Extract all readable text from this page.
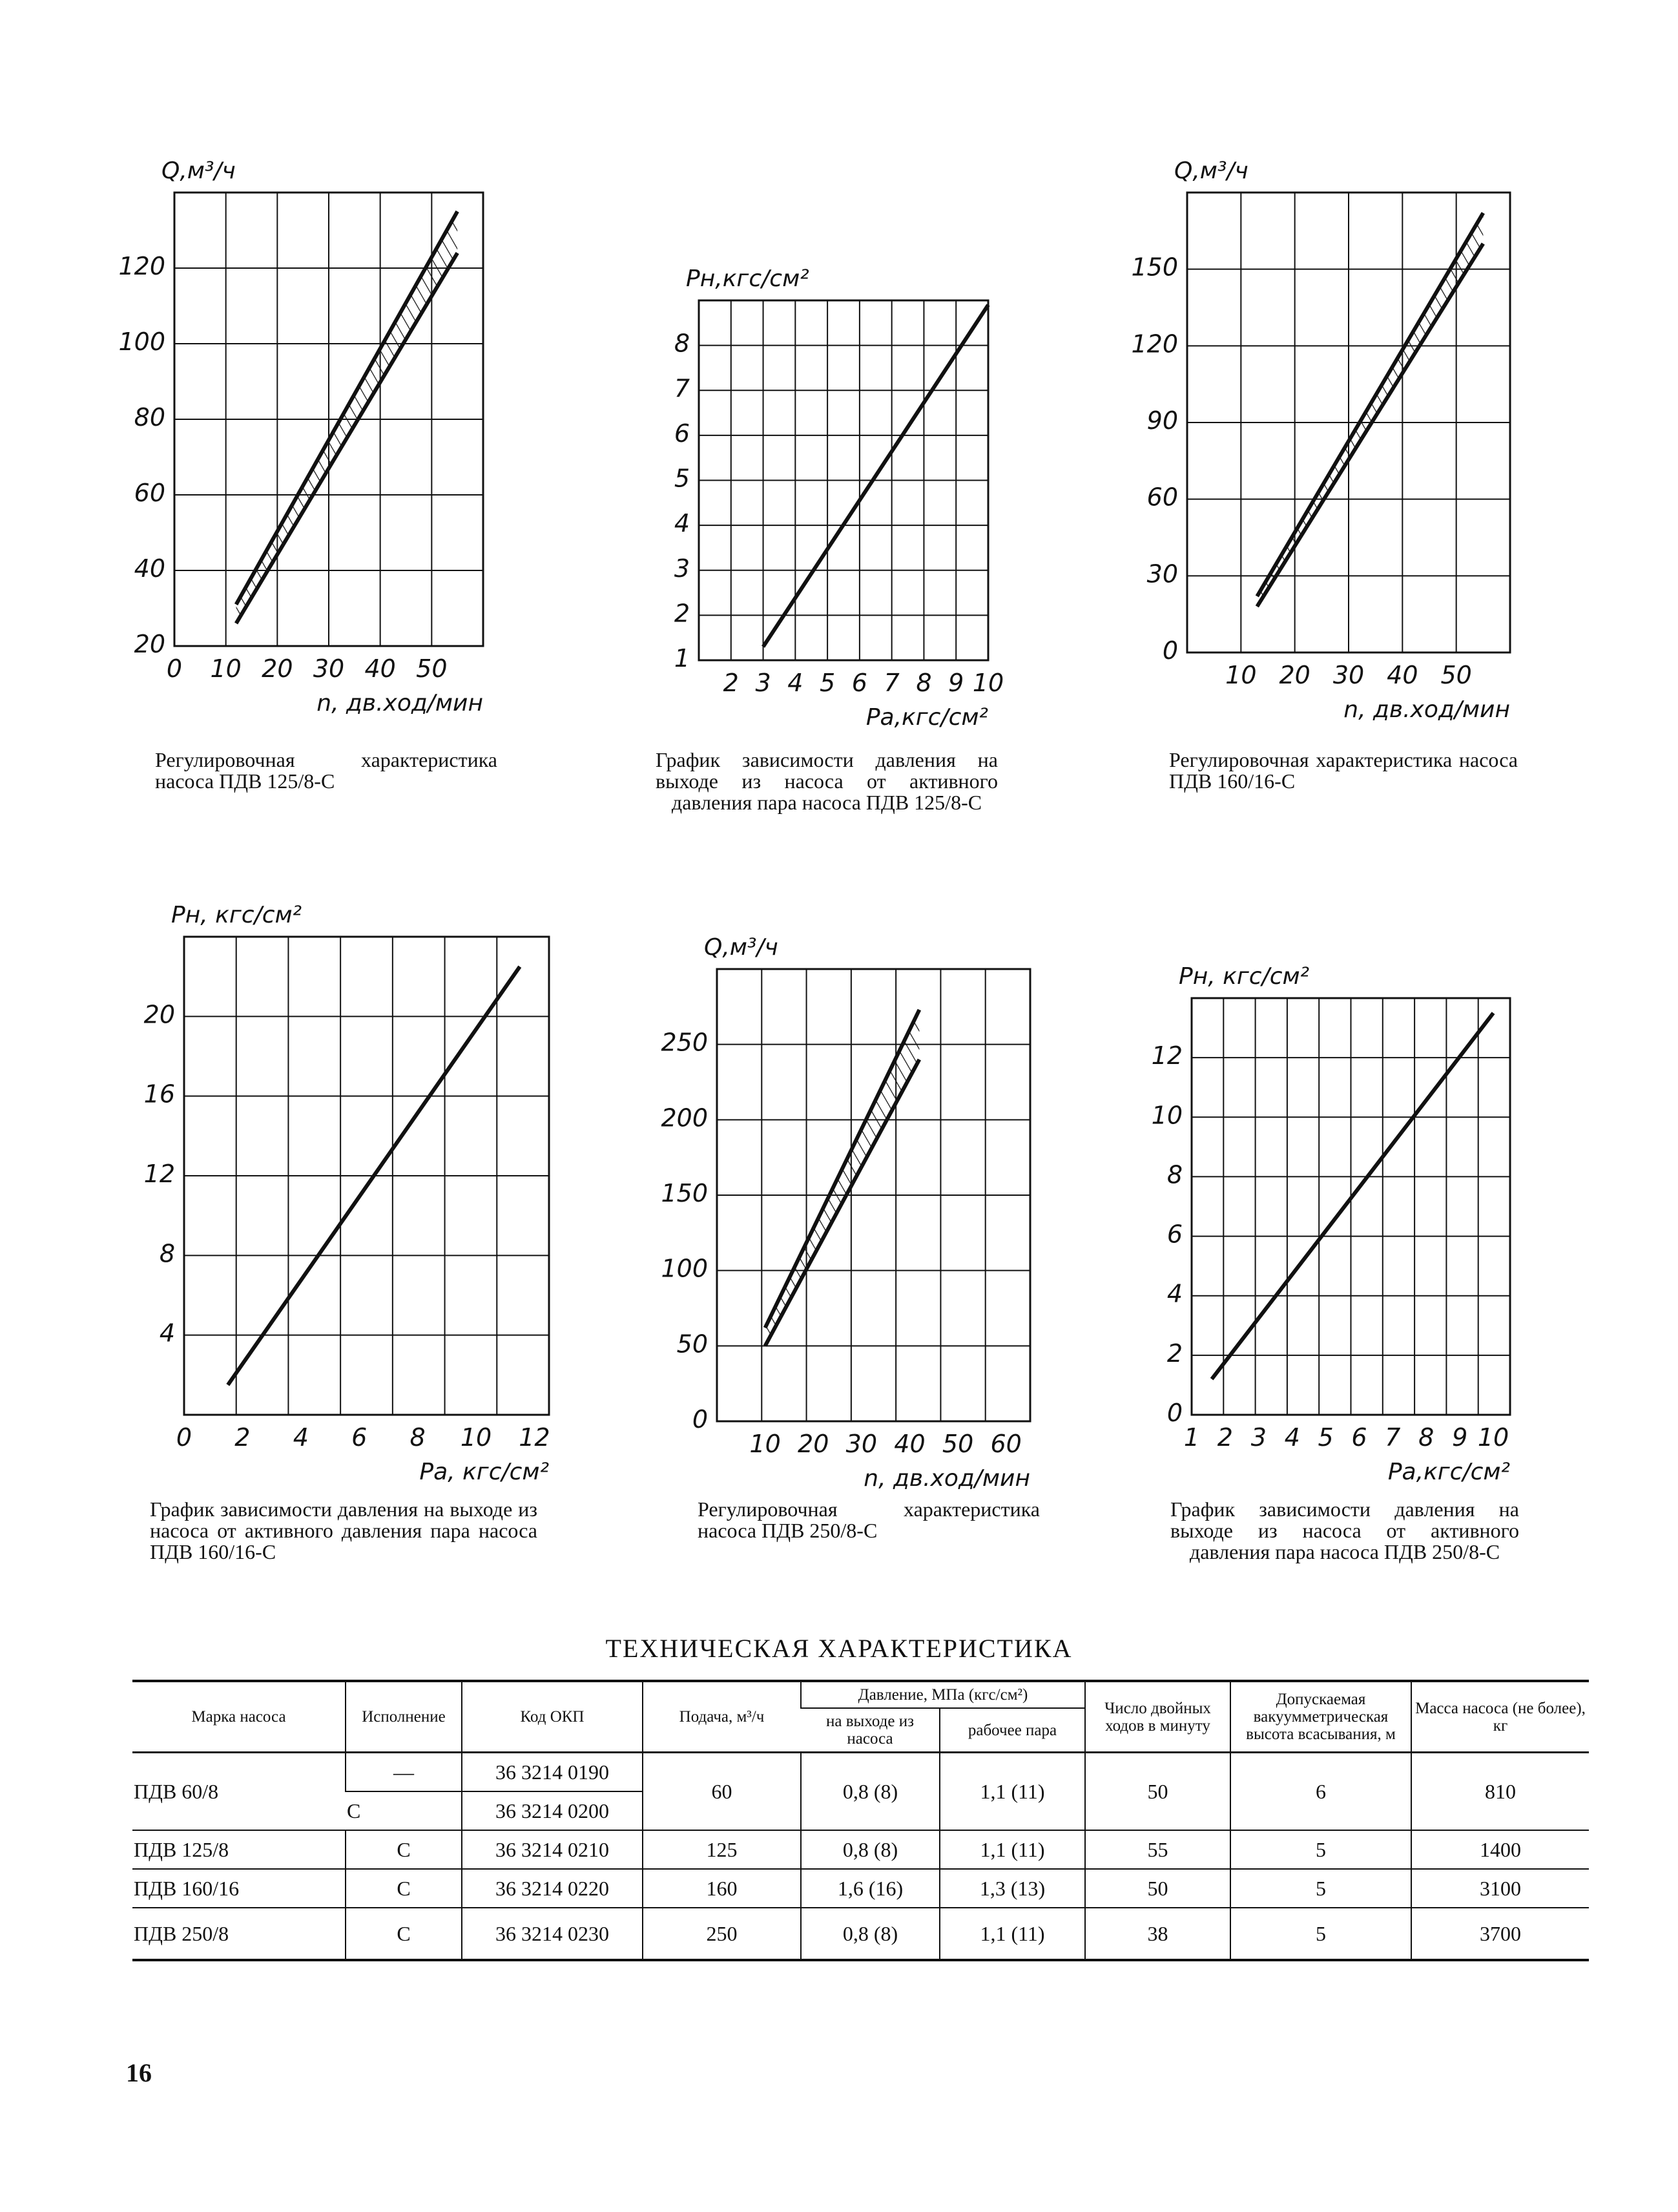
0 10 20 30 40 50
20
40
60
80
100
120
Q,м³/ч
n, дв.ход/мин
2 3 4 5 6 7 8 9 10
1
2
3
4
5
6
7
8
Pн,кгс/см²
Pа,кгс/см²
10 20 30 40 50
0
30
60
90
120
150
Q,м³/ч
n, дв.ход/мин
0 2 4 6 8 10 12
4
8
12
16
20
Pн, кгс/см²
Pа, кгс/см²
10 20 30 40 50 60
0
50
100
150
200
250
Q,м³/ч
n, дв.ход/мин
1 2 3 4 5 6 7 8 9 10
0
2
4
6
8
10
12
Pн, кгс/см²
Pа,кгс/см²
Регулировочная характеристика насоса ПДВ 125/8-С
График зависимости давления на выходе из насоса от активного давления пара насоса ПДВ 125/8-С
Регулировочная характеристика насоса ПДВ 160/16-С
График зависимости давления на выходе из насоса от активного давления пара насоса ПДВ 160/16-С
Регулировочная характеристика насоса ПДВ 250/8-С
График зависимости давления на выходе из насоса от активного давления пара насоса ПДВ 250/8-С
ТЕХНИЧЕСКАЯ ХАРАКТЕРИСТИКА
Марка насоса	Исполнение	Код ОКП	Подача, м³/ч	Давление, МПа (кгс/см²)		Число двойных ходов в минуту	Допускаемая вакуумметрическая высота всасывания, м	Масса насоса (не более), кг
				на выходе из насоса	рабочее пара			
ПДВ 60/8	—	36 3214 0190	60	0,8 (8)	1,1 (11)	50	6	810
	С	36 3214 0200						
ПДВ 125/8	С	36 3214 0210	125	0,8 (8)	1,1 (11)	55	5	1400
ПДВ 160/16	С	36 3214 0220	160	1,6 (16)	1,3 (13)	50	5	3100
ПДВ 250/8	С	36 3214 0230	250	0,8 (8)	1,1 (11)	38	5	3700
16
